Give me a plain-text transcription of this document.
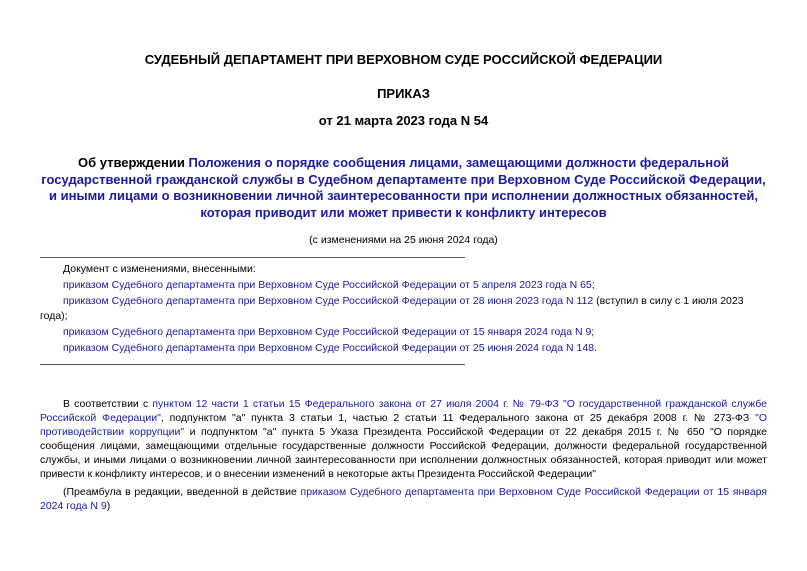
СУДЕБНЫЙ ДЕПАРТАМЕНТ ПРИ ВЕРХОВНОМ СУДЕ РОССИЙСКОЙ ФЕДЕРАЦИИ
ПРИКАЗ
от 21 марта 2023 года N 54
Об утверждении Положения о порядке сообщения лицами, замещающими должности федеральной государственной гражданской службы в Судебном департаменте при Верховном Суде Российской Федерации, и иными лицами о возникновении личной заинтересованности при исполнении должностных обязанностей, которая приводит или может привести к конфликту интересов
(с изменениями на 25 июня 2024 года)

Документ с изменениями, внесенными:

приказом Судебного департамента при Верховном Суде Российской Федерации от 5 апреля 2023 года N 65;

приказом Судебного департамента при Верховном Суде Российской Федерации от 28 июня 2023 года N 112 (вступил в силу с 1 июля 2023 года);

приказом Судебного департамента при Верховном Суде Российской Федерации от 15 января 2024 года N 9;

приказом Судебного департамента при Верховном Суде Российской Федерации от 25 июня 2024 года N 148.

В соответствии с пунктом 12 части 1 статьи 15 Федерального закона от 27 июля 2004 г. № 79-ФЗ "О государственной гражданской службе Российской Федерации", подпунктом "а" пункта 3 статьи 1, частью 2 статьи 11 Федерального закона от 25 декабря 2008 г. № 273-ФЗ "О противодействии коррупции" и подпунктом "а" пункта 5 Указа Президента Российской Федерации от 22 декабря 2015 г. № 650 "О порядке сообщения лицами, замещающими отдельные государственные должности Российской Федерации, должности федеральной государственной службы, и иными лицами о возникновении личной заинтересованности при исполнении должностных обязанностей, которая приводит или может привести к конфликту интересов, и о внесении изменений в некоторые акты Президента Российской Федерации"

(Преамбула в редакции, введенной в действие приказом Судебного департамента при Верховном Суде Российской Федерации от 15 января 2024 года N 9)
